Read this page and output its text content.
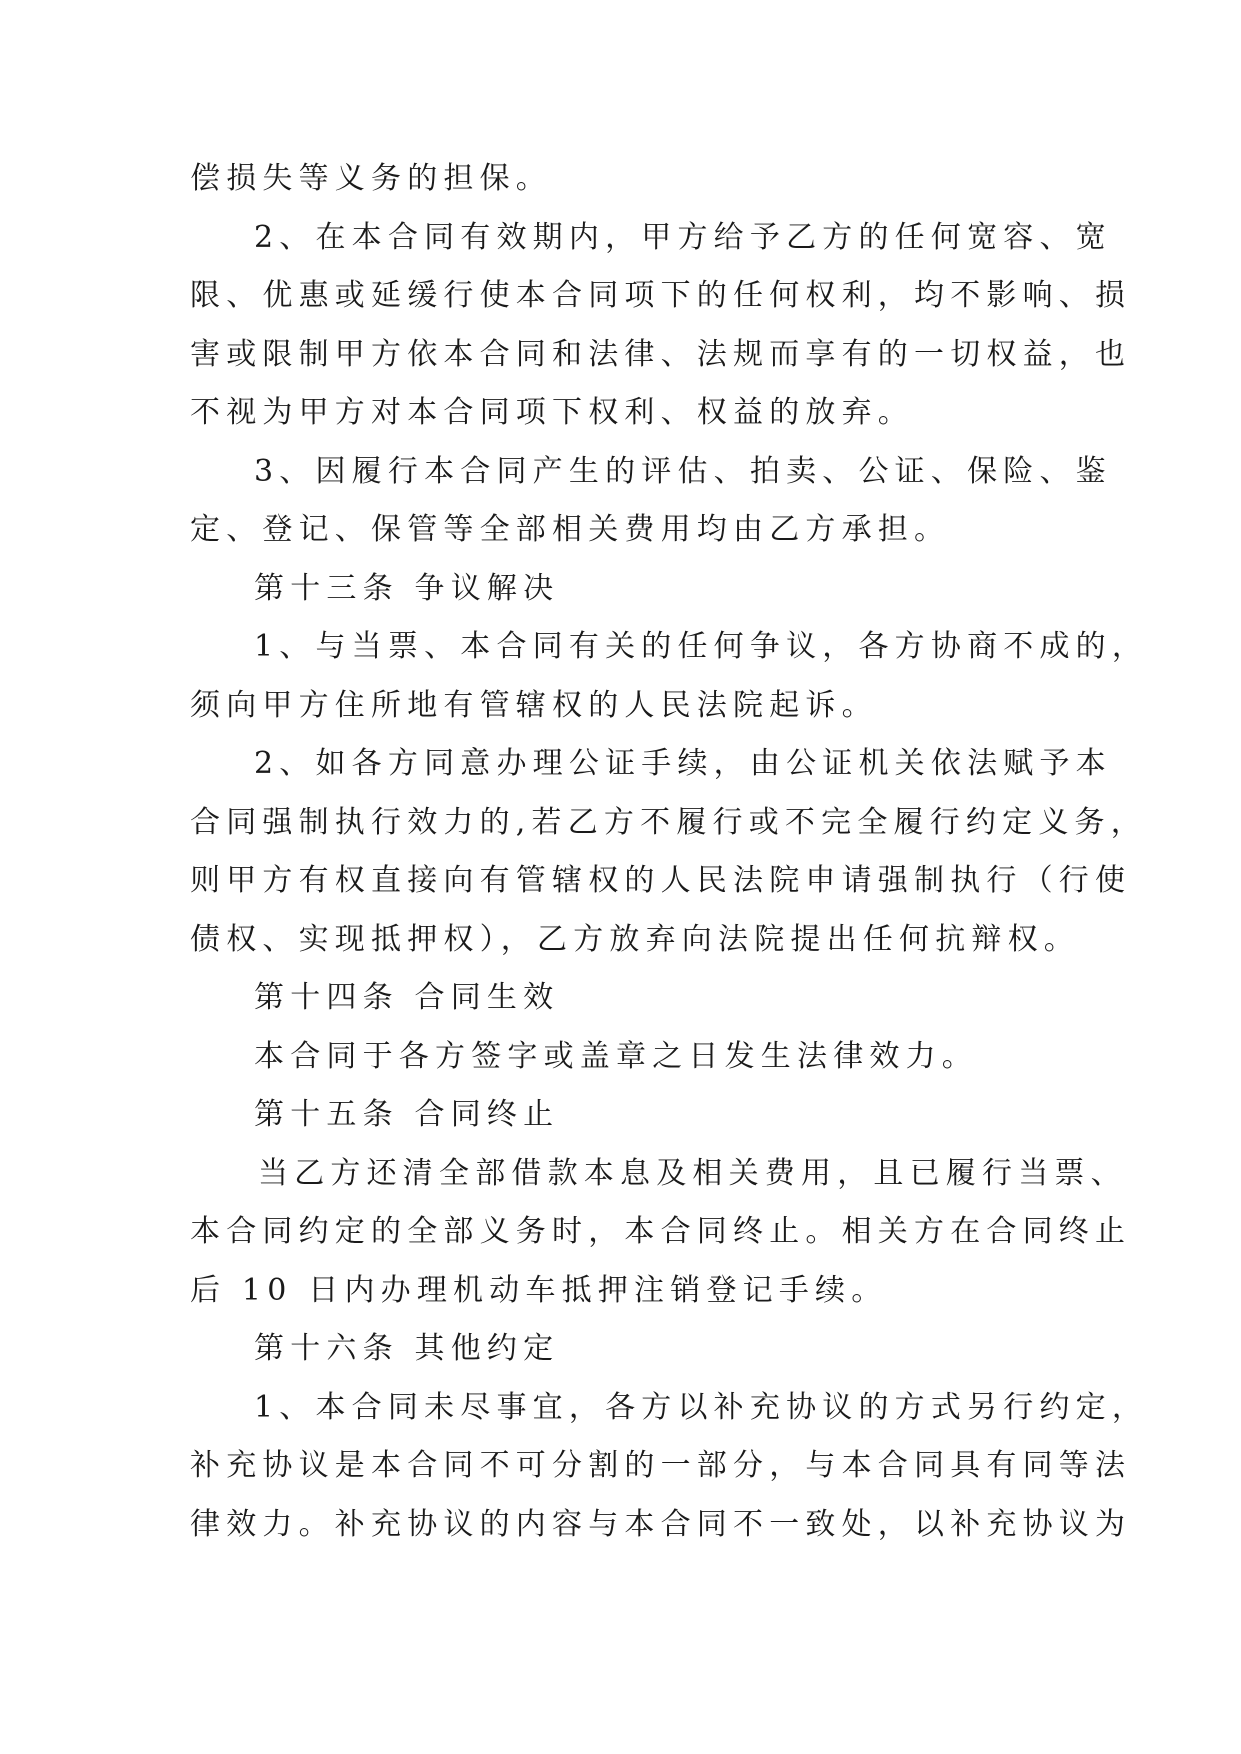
偿损失等义务的担保。
2、在本合同有效期内，甲方给予乙方的任何宽容、宽
限、优惠或延缓行使本合同项下的任何权利，均不影响、损
害或限制甲方依本合同和法律、法规而享有的一切权益，也
不视为甲方对本合同项下权利、权益的放弃。
3、因履行本合同产生的评估、拍卖、公证、保险、鉴
定、登记、保管等全部相关费用均由乙方承担。
第十三条 争议解决
1、与当票、本合同有关的任何争议，各方协商不成的，
须向甲方住所地有管辖权的人民法院起诉。
2、如各方同意办理公证手续，由公证机关依法赋予本
合同强制执行效力的,若乙方不履行或不完全履行约定义务，
则甲方有权直接向有管辖权的人民法院申请强制执行（行使
债权、实现抵押权），乙方放弃向法院提出任何抗辩权。
第十四条 合同生效
本合同于各方签字或盖章之日发生法律效力。
第十五条 合同终止
当乙方还清全部借款本息及相关费用，且已履行当票、
本合同约定的全部义务时，本合同终止。相关方在合同终止
后 10 日内办理机动车抵押注销登记手续。
第十六条 其他约定
1、本合同未尽事宜，各方以补充协议的方式另行约定，
补充协议是本合同不可分割的一部分，与本合同具有同等法
律效力。补充协议的内容与本合同不一致处，以补充协议为
